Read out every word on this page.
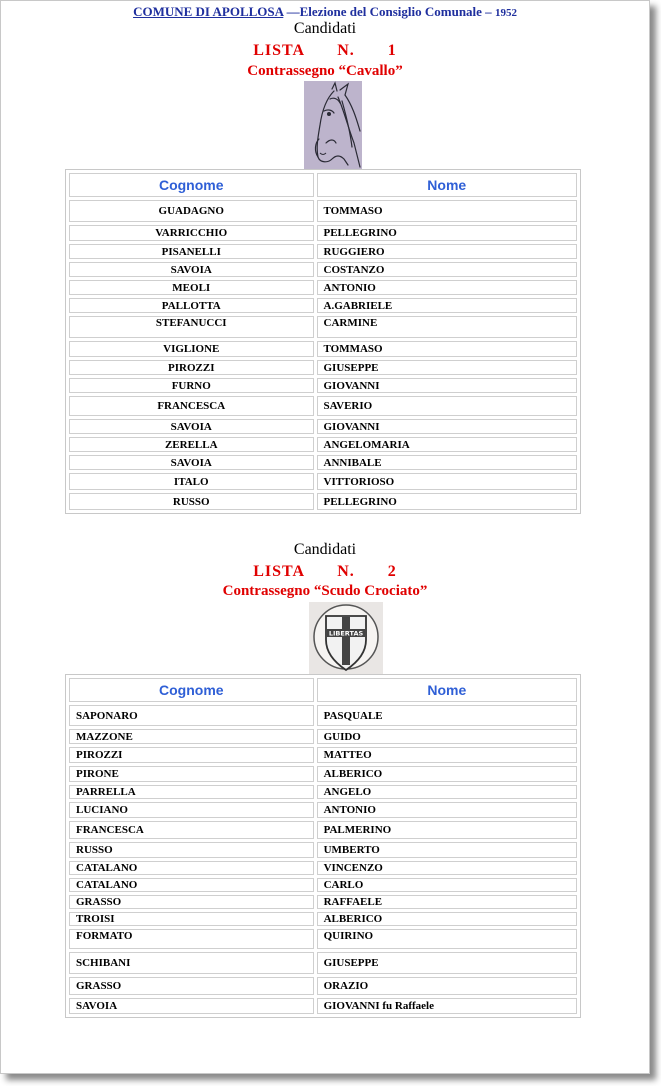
COMUNE DI APOLLOSA —Elezione del Consiglio Comunale – 1952
Candidati
LISTA   N.   1
Contrassegno “Cavallo”
Cognome	Nome
GUADAGNO	TOMMASO
VARRICCHIO	PELLEGRINO
PISANELLI	RUGGIERO
SAVOIA	COSTANZO
MEOLI	ANTONIO
PALLOTTA	A.GABRIELE
STEFANUCCI	CARMINE
VIGLIONE	TOMMASO
PIROZZI	GIUSEPPE
FURNO	GIOVANNI
FRANCESCA	SAVERIO
SAVOIA	GIOVANNI
ZERELLA	ANGELOMARIA
SAVOIA	ANNIBALE
ITALO	VITTORIOSO
RUSSO	PELLEGRINO
Candidati
LISTA   N.   2
Contrassegno “Scudo Crociato”
LIBERTAS
Cognome	Nome
SAPONARO	PASQUALE
MAZZONE	GUIDO
PIROZZI	MATTEO
PIRONE	ALBERICO
PARRELLA	ANGELO
LUCIANO	ANTONIO
FRANCESCA	PALMERINO
RUSSO	UMBERTO
CATALANO	VINCENZO
CATALANO	CARLO
GRASSO	RAFFAELE
TROISI	ALBERICO
FORMATO	QUIRINO
SCHIBANI	GIUSEPPE
GRASSO	ORAZIO
SAVOIA	GIOVANNI fu Raffaele
